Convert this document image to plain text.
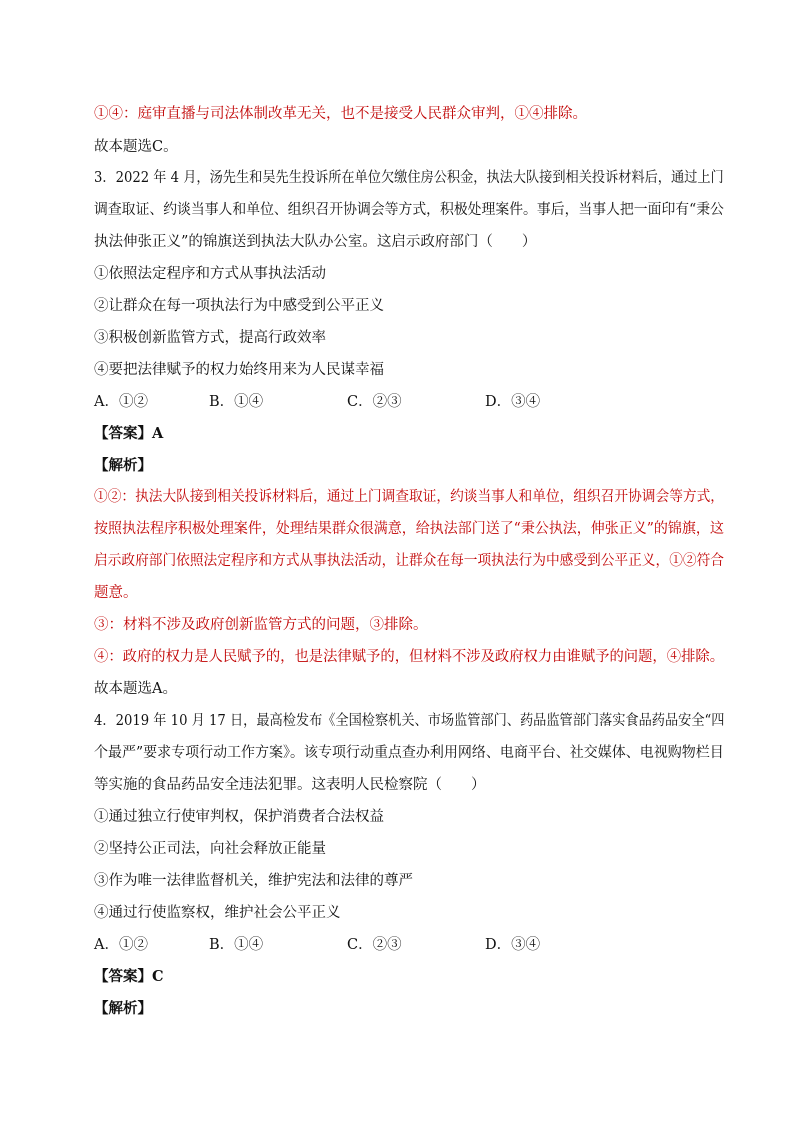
①④：庭审直播与司法体制改革无关，也不是接受人民群众审判，①④排除。
故本题选C。
3．2022 年 4 月，汤先生和吴先生投诉所在单位欠缴住房公积金，执法大队接到相关投诉材料后，通过上门
调查取证、约谈当事人和单位、组织召开协调会等方式，积极处理案件。事后，当事人把一面印有“秉公
执法伸张正义”的锦旗送到执法大队办公室。这启示政府部门（　　）
①依照法定程序和方式从事执法活动
②让群众在每一项执法行为中感受到公平正义
③积极创新监管方式，提高行政效率
④要把法律赋予的权力始终用来为人民谋幸福
A．①②	B．①④	C．②③	D．③④
【答案】A
【解析】
①②：执法大队接到相关投诉材料后，通过上门调查取证，约谈当事人和单位，组织召开协调会等方式，
按照执法程序积极处理案件，处理结果群众很满意，给执法部门送了“秉公执法，伸张正义”的锦旗，这
启示政府部门依照法定程序和方式从事执法活动，让群众在每一项执法行为中感受到公平正义，①②符合
题意。
③：材料不涉及政府创新监管方式的问题，③排除。
④：政府的权力是人民赋予的，也是法律赋予的，但材料不涉及政府权力由谁赋予的问题，④排除。
故本题选A。
4．2019 年 10 月 17 日，最高检发布《全国检察机关、市场监管部门、药品监管部门落实食品药品安全“四
个最严”要求专项行动工作方案》。该专项行动重点查办利用网络、电商平台、社交媒体、电视购物栏目
等实施的食品药品安全违法犯罪。这表明人民检察院（　　）
①通过独立行使审判权，保护消费者合法权益
②坚持公正司法，向社会释放正能量
③作为唯一法律监督机关，维护宪法和法律的尊严
④通过行使监察权，维护社会公平正义
A．①②	B．①④	C．②③	D．③④
【答案】C
【解析】
